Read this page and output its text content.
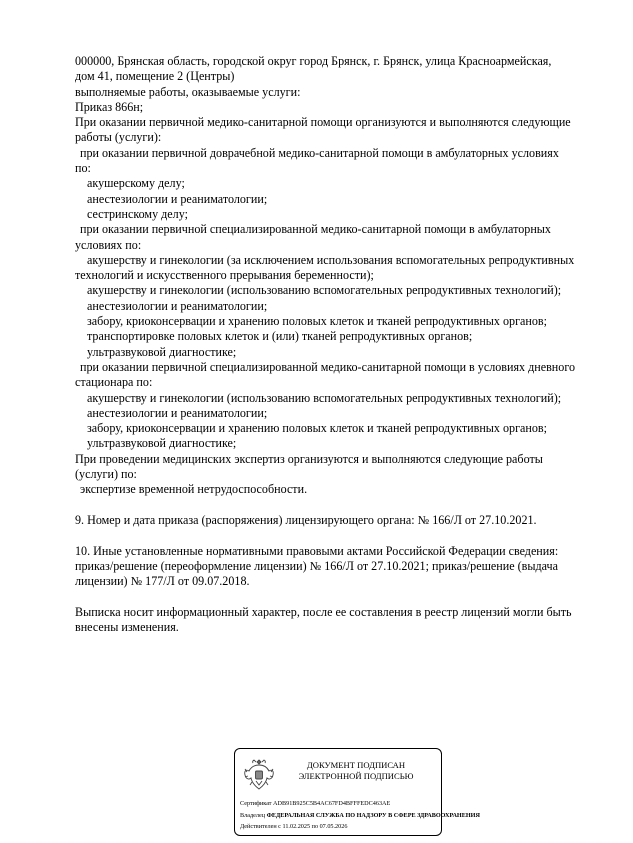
000000, Брянская область, городской округ город Брянск, г. Брянск, улица Красноармейская,
дом 41, помещение 2 (Центры)
выполняемые работы, оказываемые услуги:
Приказ 866н;
При оказании первичной медико-санитарной помощи организуются и выполняются следующие
работы (услуги):
при оказании первичной доврачебной медико-санитарной помощи в амбулаторных условиях
по:
акушерскому делу;
анестезиологии и реаниматологии;
сестринскому делу;
при оказании первичной специализированной медико-санитарной помощи в амбулаторных
условиях по:
акушерству и гинекологии (за исключением использования вспомогательных репродуктивных
технологий и искусственного прерывания беременности);
акушерству и гинекологии (использованию вспомогательных репродуктивных технологий);
анестезиологии и реаниматологии;
забору, криоконсервации и хранению половых клеток и тканей репродуктивных органов;
транспортировке половых клеток и (или) тканей репродуктивных органов;
ультразвуковой диагностике;
при оказании первичной специализированной медико-санитарной помощи в условиях дневного
стационара по:
акушерству и гинекологии (использованию вспомогательных репродуктивных технологий);
анестезиологии и реаниматологии;
забору, криоконсервации и хранению половых клеток и тканей репродуктивных органов;
ультразвуковой диагностике;
При проведении медицинских экспертиз организуются и выполняются следующие работы
(услуги) по:
экспертизе временной нетрудоспособности.
9. Номер и дата приказа (распоряжения) лицензирующего органа: № 166/Л от 27.10.2021.
10. Иные установленные нормативными правовыми актами Российской Федерации сведения:
приказ/решение (переоформление лицензии) № 166/Л от 27.10.2021; приказ/решение (выдача
лицензии) № 177/Л от 09.07.2018.
Выписка носит информационный характер, после ее составления в реестр лицензий могли быть
внесены изменения.
ДОКУМЕНТ ПОДПИСАН
ЭЛЕКТРОННОЙ ПОДПИСЬЮ
Сертификат ADB91B925C5B4AC67FD4BFFFEDC463AE
Владелец ФЕДЕРАЛЬНАЯ СЛУЖБА ПО НАДЗОРУ В СФЕРЕ ЗДРАВООХРАНЕНИЯ
Действителен с 11.02.2025 по 07.05.2026
